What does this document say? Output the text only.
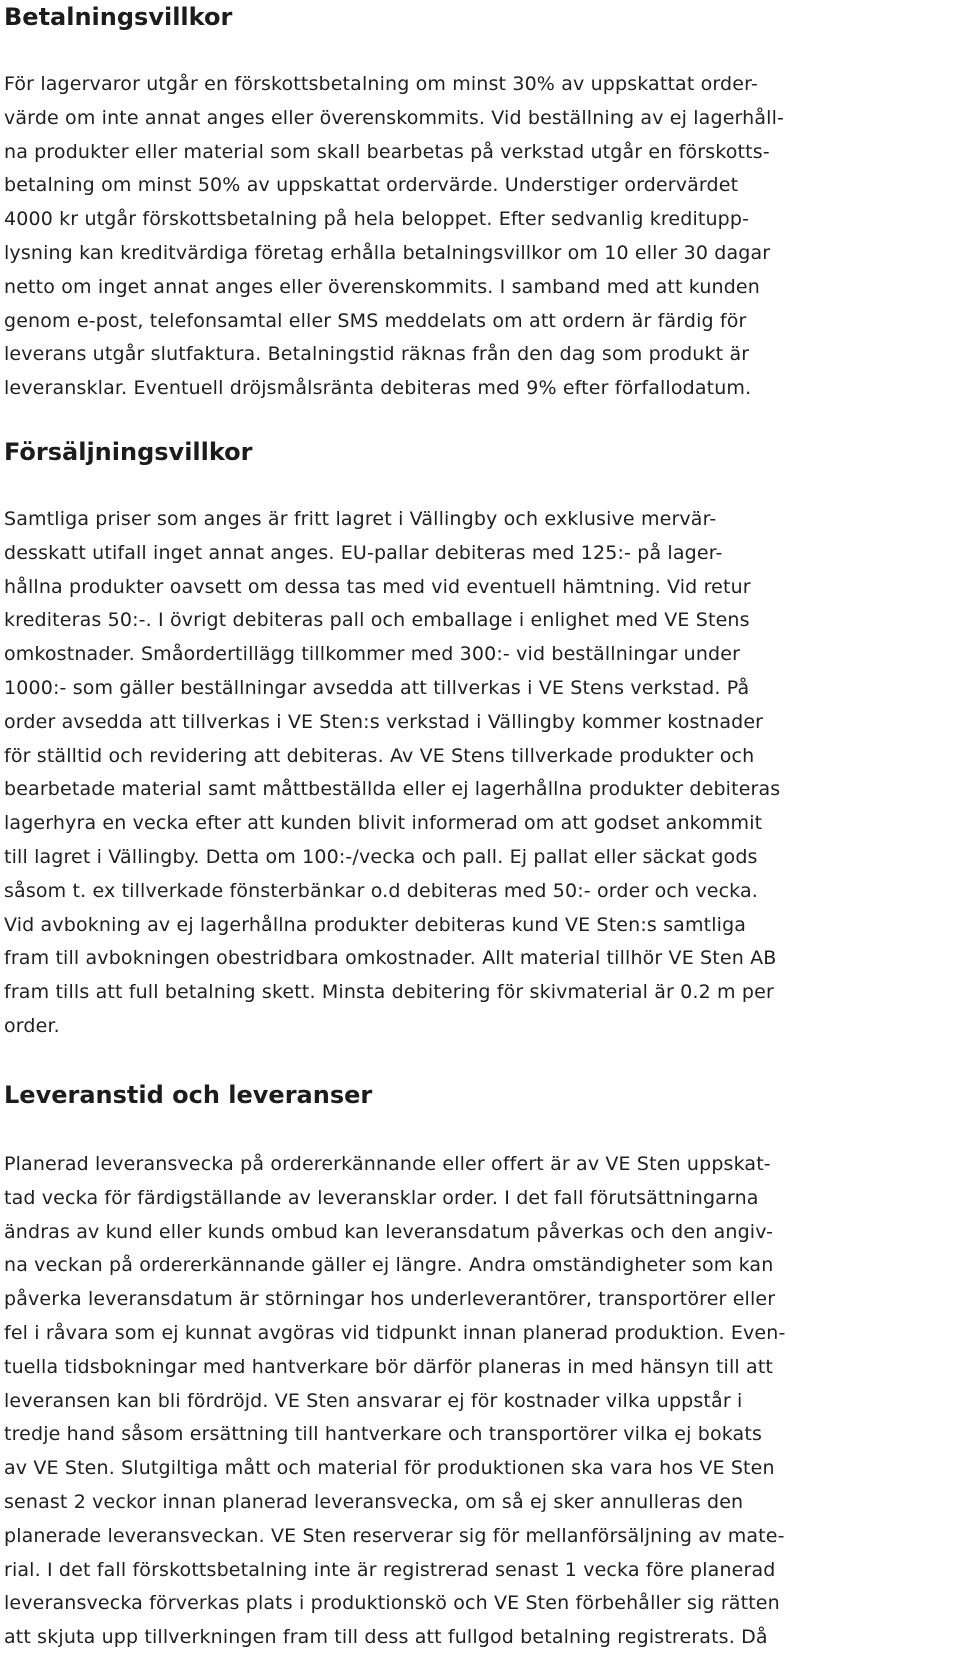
Betalningsvillkor
För lagervaror utgår en förskottsbetalning om minst 30% av uppskattat order-
värde om inte annat anges eller överenskommits. Vid beställning av ej lagerhåll-
na produkter eller material som skall bearbetas på verkstad utgår en förskotts-
betalning om minst 50% av uppskattat ordervärde. Understiger ordervärdet
4000 kr utgår förskottsbetalning på hela beloppet. Efter sedvanlig kreditupp-
lysning kan kreditvärdiga företag erhålla betalningsvillkor om 10 eller 30 dagar
netto om inget annat anges eller överenskommits. I samband med att kunden
genom e-post, telefonsamtal eller SMS meddelats om att ordern är färdig för
leverans utgår slutfaktura. Betalningstid räknas från den dag som produkt är
leveransklar. Eventuell dröjsmålsränta debiteras med 9% efter förfallodatum.
Försäljningsvillkor
Samtliga priser som anges är fritt lagret i Vällingby och exklusive mervär-
desskatt utifall inget annat anges. EU-pallar debiteras med 125:- på lager-
hållna produkter oavsett om dessa tas med vid eventuell hämtning. Vid retur
krediteras 50:-. I övrigt debiteras pall och emballage i enlighet med VE Stens
omkostnader. Småordertillägg tillkommer med 300:- vid beställningar under
1000:- som gäller beställningar avsedda att tillverkas i VE Stens verkstad. På
order avsedda att tillverkas i VE Sten:s verkstad i Vällingby kommer kostnader
för ställtid och revidering att debiteras. Av VE Stens tillverkade produkter och
bearbetade material samt måttbeställda eller ej lagerhållna produkter debiteras
lagerhyra en vecka efter att kunden blivit informerad om att godset ankommit
till lagret i Vällingby. Detta om 100:-/vecka och pall. Ej pallat eller säckat gods
såsom t. ex tillverkade fönsterbänkar o.d debiteras med 50:- order och vecka.
Vid avbokning av ej lagerhållna produkter debiteras kund VE Sten:s samtliga
fram till avbokningen obestridbara omkostnader. Allt material tillhör VE Sten AB
fram tills att full betalning skett. Minsta debitering för skivmaterial är 0.2 m per
order.
Leveranstid och leveranser
Planerad leveransvecka på ordererkännande eller offert är av VE Sten uppskat-
tad vecka för färdigställande av leveransklar order. I det fall förutsättningarna
ändras av kund eller kunds ombud kan leveransdatum påverkas och den angiv-
na veckan på ordererkännande gäller ej längre. Andra omständigheter som kan
påverka leveransdatum är störningar hos underleverantörer, transportörer eller
fel i råvara som ej kunnat avgöras vid tidpunkt innan planerad produktion. Even-
tuella tidsbokningar med hantverkare bör därför planeras in med hänsyn till att
leveransen kan bli fördröjd. VE Sten ansvarar ej för kostnader vilka uppstår i
tredje hand såsom ersättning till hantverkare och transportörer vilka ej bokats
av VE Sten. Slutgiltiga mått och material för produktionen ska vara hos VE Sten
senast 2 veckor innan planerad leveransvecka, om så ej sker annulleras den
planerade leveransveckan. VE Sten reserverar sig för mellanförsäljning av mate-
rial. I det fall förskottsbetalning inte är registrerad senast 1 vecka före planerad
leveransvecka förverkas plats i produktionskö och VE Sten förbehåller sig rätten
att skjuta upp tillverkningen fram till dess att fullgod betalning registrerats. Då
